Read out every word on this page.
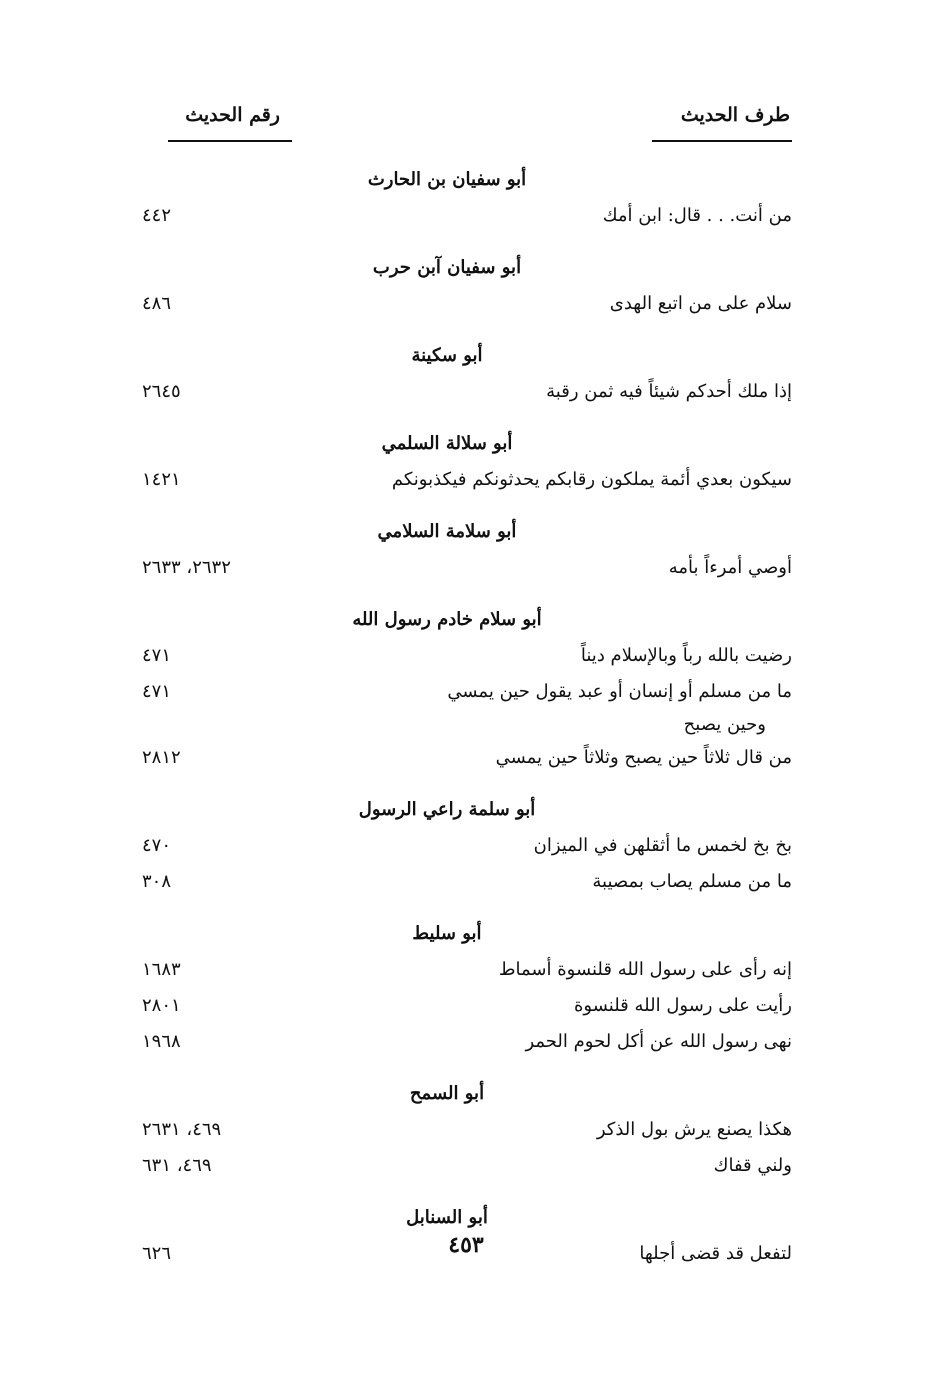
طرف الحديث
رقم الحديث
أبو سفيان بن الحارث
من أنت. . . قال: ابن أمك
٤٤٢
أبو سفيان آبن حرب
سلام على من اتبع الهدى
٤٨٦
أبو سكينة
إذا ملك أحدكم شيئاً فيه ثمن رقبة
٢٦٤٥
أبو سلالة السلمي
سيكون بعدي أئمة يملكون رقابكم يحدثونكم فيكذبونكم
١٤٢١
أبو سلامة السلامي
أوصي أمرءاً بأمه
٢٦٣٢، ٢٦٣٣
أبو سلام خادم رسول الله
رضيت بالله رباً وبالإسلام ديناً
٤٧١
ما من مسلم أو إنسان أو عبد يقول حين يمسي
٤٧١
وحين يصبح
من قال ثلاثاً حين يصبح وثلاثاً حين يمسي
٢٨١٢
أبو سلمة راعي الرسول
بخ بخ لخمس ما أثقلهن في الميزان
٤٧٠
ما من مسلم يصاب بمصيبة
٣٠٨
أبو سليط
إنه رأى على رسول الله قلنسوة أسماط
١٦٨٣
رأيت على رسول الله قلنسوة
٢٨٠١
نهى رسول الله عن أكل لحوم الحمر
١٩٦٨
أبو السمح
هكذا يصنع يرش بول الذكر
٤٦٩، ٢٦٣١
ولني قفاك
٤٦٩، ٦٣١
أبو السنابل
لتفعل قد قضى أجلها
٦٢٦	٤٥٣
